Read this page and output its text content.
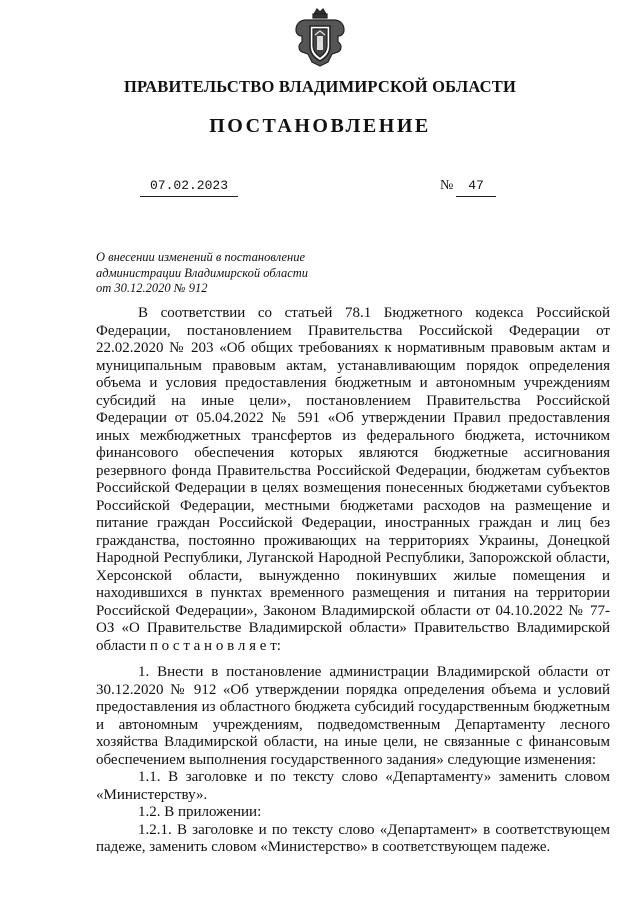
ПРАВИТЕЛЬСТВО ВЛАДИМИРСКОЙ ОБЛАСТИ
ПОСТАНОВЛЕНИЕ
07.02.2023	№	47
О внесении изменений в постановление
администрации Владимирской области
от 30.12.2020 № 912

В соответствии со статьей 78.1 Бюджетного кодекса Российской Федерации, постановлением Правительства Российской Федерации от 22.02.2020 № 203 «Об общих требованиях к нормативным правовым актам и муниципальным правовым актам, устанавливающим порядок определения объема и условия предоставления бюджетным и автономным учреждениям субсидий на иные цели», постановлением Правительства Российской Федерации от 05.04.2022 № 591 «Об утверждении Правил предоставления иных межбюджетных трансфертов из федерального бюджета, источником финансового обеспечения которых являются бюджетные ассигнования резервного фонда Правительства Российской Федерации, бюджетам субъектов Российской Федерации в целях возмещения понесенных бюджетами субъектов Российской Федерации, местными бюджетами расходов на размещение и питание граждан Российской Федерации, иностранных граждан и лиц без гражданства, постоянно проживающих на территориях Украины, Донецкой Народной Республики, Луганской Народной Республики, Запорожской области, Херсонской области, вынужденно покинувших жилые помещения и находившихся в пунктах временного размещения и питания на территории Российской Федерации», Законом Владимирской области от 04.10.2022 № 77-ОЗ «О Правительстве Владимирской области» Правительство Владимирской области п о с т а н о в л я е т:

1. Внести в постановление администрации Владимирской области от 30.12.2020 № 912 «Об утверждении порядка определения объема и условий предоставления из областного бюджета субсидий государственным бюджетным и автономным учреждениям, подведомственным Департаменту лесного хозяйства Владимирской области, на иные цели, не связанные с финансовым обеспечением выполнения государственного задания» следующие изменения:

1.1. В заголовке и по тексту слово «Департаменту» заменить словом «Министерству».

1.2. В приложении:

1.2.1. В заголовке и по тексту слово «Департамент» в соответствующем падеже, заменить словом «Министерство» в соответствующем падеже.
